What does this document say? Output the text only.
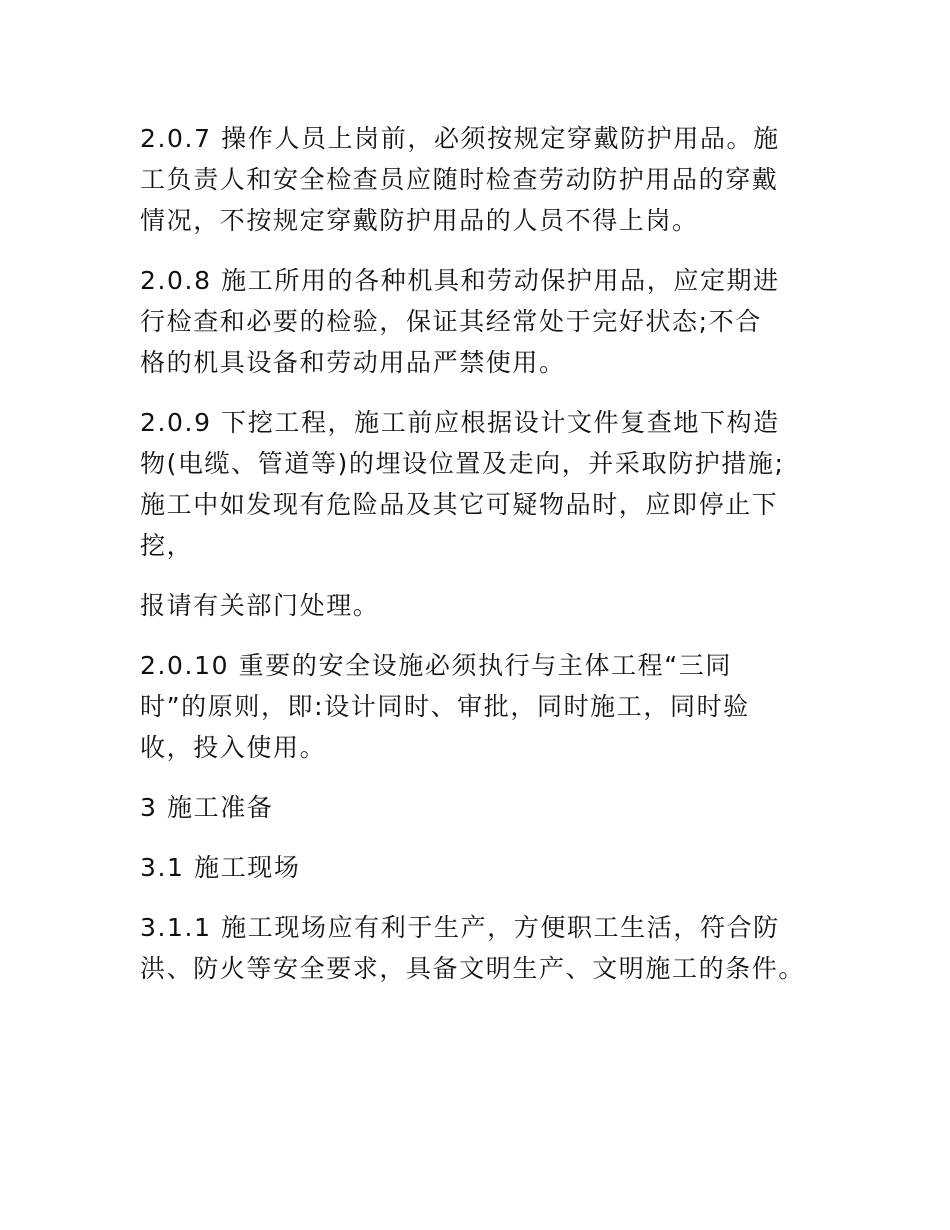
2.0.7 操作人员上岗前，必须按规定穿戴防护用品。施
工负责人和安全检查员应随时检查劳动防护用品的穿戴
情况，不按规定穿戴防护用品的人员不得上岗。

2.0.8 施工所用的各种机具和劳动保护用品，应定期进
行检查和必要的检验，保证其经常处于完好状态;不合
格的机具设备和劳动用品严禁使用。

2.0.9 下挖工程，施工前应根据设计文件复查地下构造
物(电缆、管道等)的埋设位置及走向，并采取防护措施;
施工中如发现有危险品及其它可疑物品时，应即停止下
挖，

报请有关部门处理。

2.0.10 重要的安全设施必须执行与主体工程“三同
时”的原则，即:设计同时、审批，同时施工，同时验
收，投入使用。

3 施工准备

3.1 施工现场

3.1.1 施工现场应有利于生产，方便职工生活，符合防
洪、防火等安全要求，具备文明生产、文明施工的条件。
